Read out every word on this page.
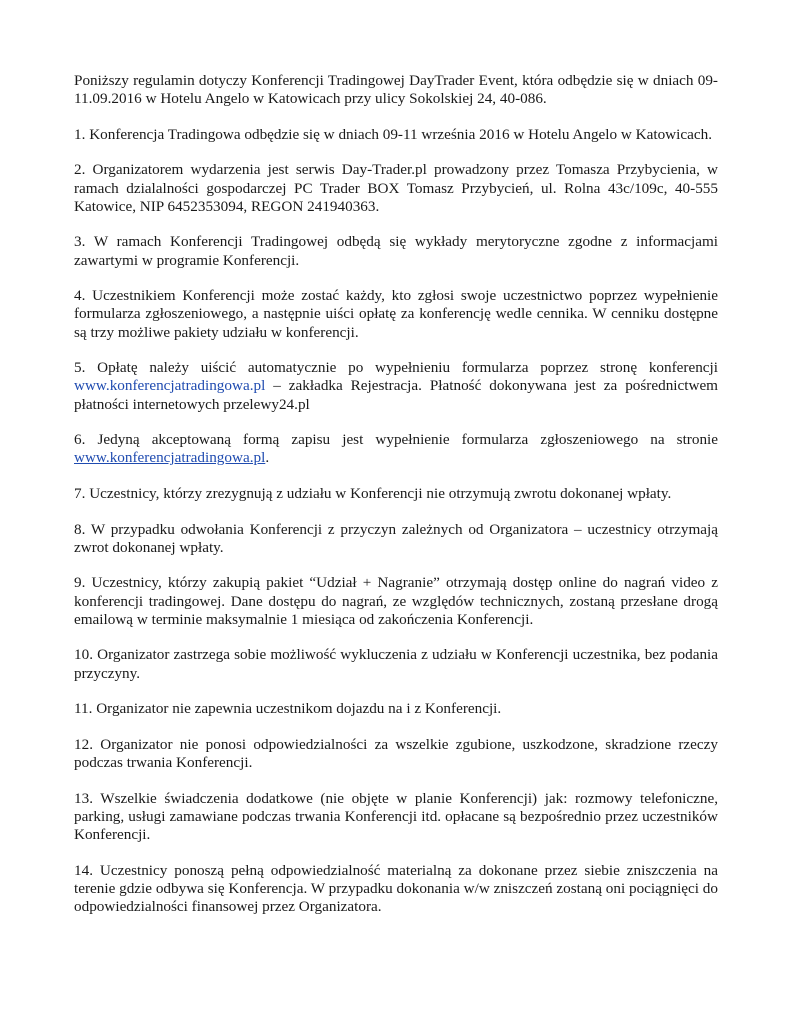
Poniższy regulamin dotyczy Konferencji Tradingowej DayTrader Event, która odbędzie się w dniach 09-11.09.2016 w Hotelu Angelo w Katowicach przy ulicy Sokolskiej 24, 40-086.

1. Konferencja Tradingowa odbędzie się w dniach 09-11 września 2016 w Hotelu Angelo w Katowicach.

2. Organizatorem wydarzenia jest serwis Day-Trader.pl prowadzony przez Tomasza Przybycienia, w ramach dzialalności gospodarczej PC Trader BOX Tomasz Przybycień, ul. Rolna 43c/109c, 40-555 Katowice, NIP 6452353094, REGON 241940363.

3. W ramach Konferencji Tradingowej odbędą się wykłady merytoryczne zgodne z informacjami zawartymi w programie Konferencji.

4. Uczestnikiem Konferencji może zostać każdy, kto zgłosi swoje uczestnictwo poprzez wypełnienie formularza zgłoszeniowego, a następnie uiści opłatę za konferencję wedle cennika. W cenniku dostępne są trzy możliwe pakiety udziału w konferencji.

5. Opłatę należy uiścić automatycznie po wypełnieniu formularza poprzez stronę konferencji www.konferencjatradingowa.pl – zakładka Rejestracja. Płatność dokonywana jest za pośrednictwem płatności internetowych przelewy24.pl

6. Jedyną akceptowaną formą zapisu jest wypełnienie formularza zgłoszeniowego na stronie www.konferencjatradingowa.pl.

7. Uczestnicy, którzy zrezygnują z udziału w Konferencji nie otrzymują zwrotu dokonanej wpłaty.

8. W przypadku odwołania Konferencji z przyczyn zależnych od Organizatora – uczestnicy otrzymają zwrot dokonanej wpłaty.

9. Uczestnicy, którzy zakupią pakiet “Udział + Nagranie” otrzymają dostęp online do nagrań video z konferencji tradingowej. Dane dostępu do nagrań, ze względów technicznych, zostaną przesłane drogą emailową w terminie maksymalnie 1 miesiąca od zakończenia Konferencji.

10. Organizator zastrzega sobie możliwość wykluczenia z udziału w Konferencji uczestnika, bez podania przyczyny.

11. Organizator nie zapewnia uczestnikom dojazdu na i z Konferencji.

12. Organizator nie ponosi odpowiedzialności za wszelkie zgubione, uszkodzone, skradzione rzeczy podczas trwania Konferencji.

13. Wszelkie świadczenia dodatkowe (nie objęte w planie Konferencji) jak: rozmowy telefoniczne, parking, usługi zamawiane podczas trwania Konferencji itd. opłacane są bezpośrednio przez uczestników Konferencji.

14. Uczestnicy ponoszą pełną odpowiedzialność materialną za dokonane przez siebie zniszczenia na terenie gdzie odbywa się Konferencja. W przypadku dokonania w/w zniszczeń zostaną oni pociągnięci do odpowiedzialności finansowej przez Organizatora.
